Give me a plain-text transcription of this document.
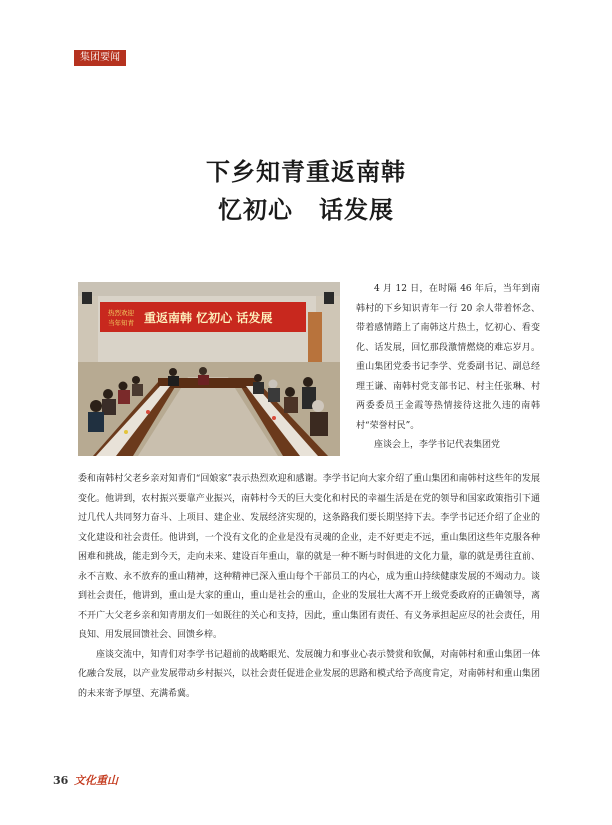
集团要闻
下乡知青重返南韩
忆初心 话发展
热烈欢迎
当年知青 重返南韩 忆初心 话发展

4 月 12 日，在时隔 46 年后，当年到南韩村的下乡知识青年一行 20 余人带着怀念、带着感情踏上了南韩这片热土，忆初心、看变化、话发展，回忆那段激情燃烧的难忘岁月。重山集团党委书记李学、党委副书记、副总经理王谦、南韩村党支部书记、村主任张琳、村两委委员王金霞等热情接待这批久违的南韩村“荣誉村民”。

座谈会上，李学书记代表集团党

委和南韩村父老乡亲对知青们“回娘家”表示热烈欢迎和感谢。李学书记向大家介绍了重山集团和南韩村这些年的发展变化。他讲到，农村振兴要靠产业振兴，南韩村今天的巨大变化和村民的幸福生活是在党的领导和国家政策指引下通过几代人共同努力奋斗、上项目、建企业、发展经济实现的，这条路我们要长期坚持下去。李学书记还介绍了企业的文化建设和社会责任。他讲到，一个没有文化的企业是没有灵魂的企业，走不好更走不远，重山集团这些年克服各种困难和挑战，能走到今天，走向未来、建设百年重山，靠的就是一种不断与时俱进的文化力量，靠的就是勇往直前、永不言败、永不放弃的重山精神，这种精神已深入重山每个干部员工的内心，成为重山持续健康发展的不竭动力。谈到社会责任，他讲到，重山是大家的重山，重山是社会的重山，企业的发展壮大离不开上级党委政府的正确领导，离不开广大父老乡亲和知青朋友们一如既往的关心和支持，因此，重山集团有责任、有义务承担起应尽的社会责任，用良知、用发展回馈社会、回馈乡梓。

座谈交流中，知青们对李学书记超前的战略眼光、发展魄力和事业心表示赞赏和钦佩，对南韩村和重山集团一体化融合发展，以产业发展带动乡村振兴，以社会责任促进企业发展的思路和模式给予高度肯定，对南韩村和重山集团的未来寄予厚望、充满希冀。

36 文化重山
